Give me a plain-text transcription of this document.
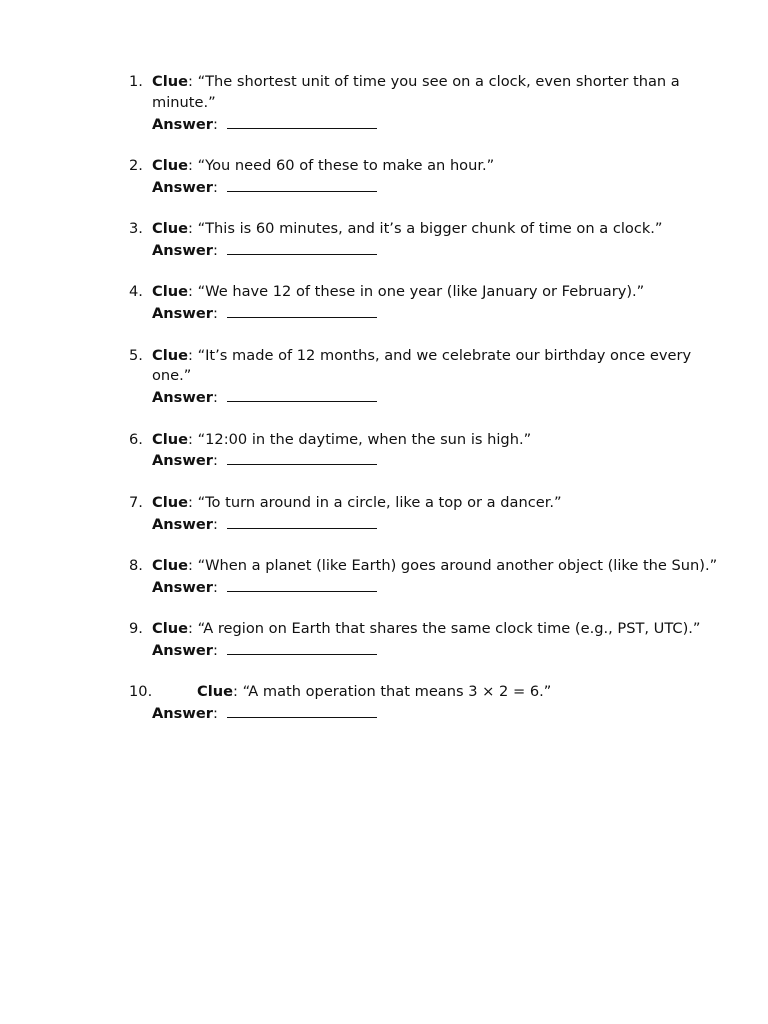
1. Clue: “The shortest unit of time you see on a clock, even shorter than a minute.”
Answer:
2. Clue: “You need 60 of these to make an hour.”
Answer:
3. Clue: “This is 60 minutes, and it’s a bigger chunk of time on a clock.”
Answer:
4. Clue: “We have 12 of these in one year (like January or February).”
Answer:
5. Clue: “It’s made of 12 months, and we celebrate our birthday once every one.”
Answer:
6. Clue: “12:00 in the daytime, when the sun is high.”
Answer:
7. Clue: “To turn around in a circle, like a top or a dancer.”
Answer:
8. Clue: “When a planet (like Earth) goes around another object (like the Sun).”
Answer:
9. Clue: “A region on Earth that shares the same clock time (e.g., PST, UTC).”
Answer:
10.	Clue: “A math operation that means 3 × 2 = 6.”
Answer:
